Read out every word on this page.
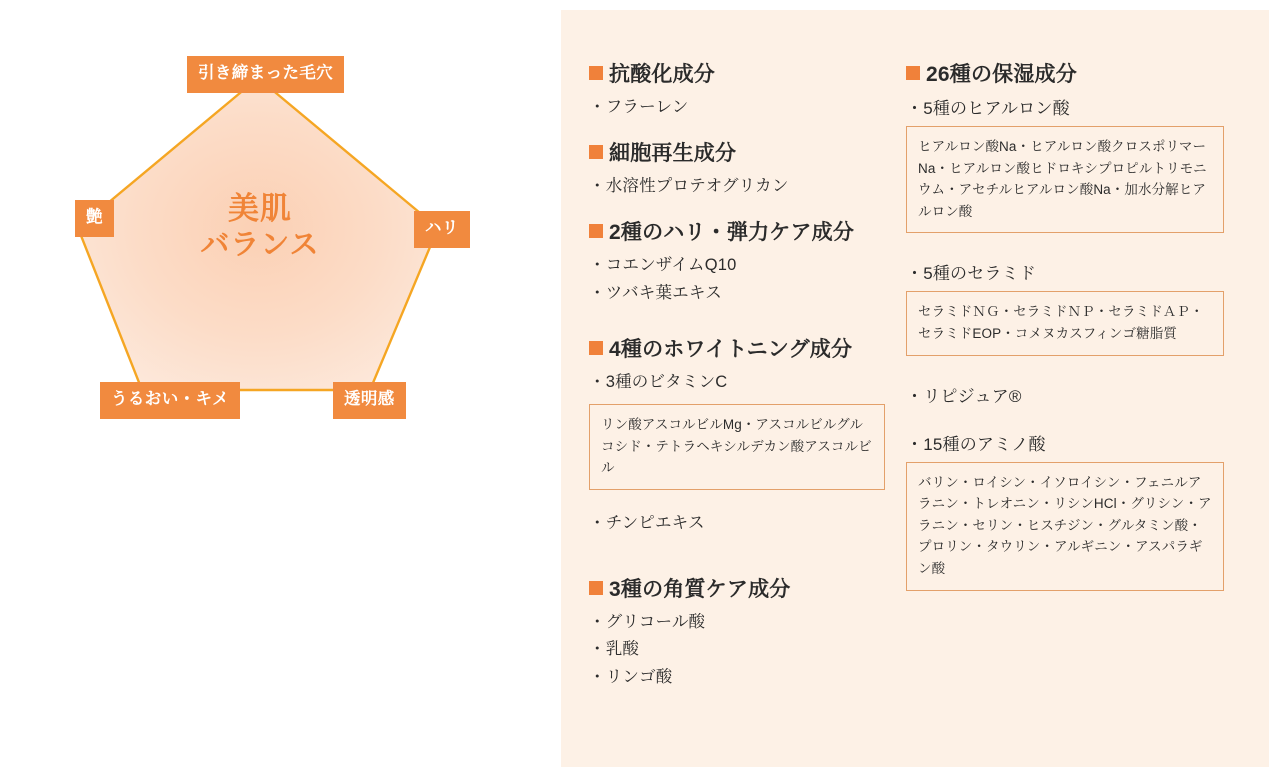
美肌
バランス
引き締まった毛穴
ハリ
透明感
うるおい・キメ
艶
抗酸化成分

・フラーレン

細胞再生成分

・水溶性プロテオグリカン

2種のハリ・弾力ケア成分

・コエンザイムQ10

・ツバキ葉エキス

4種のホワイトニング成分

・3種のビタミンC

リン酸アスコルビルMg・アスコルビルグルコシド・テトラヘキシルデカン酸アスコルビル

・チンピエキス

3種の角質ケア成分

・グリコール酸

・乳酸

・リンゴ酸

26種の保湿成分

・5種のヒアルロン酸

ヒアルロン酸Na・ヒアルロン酸クロスポリマーNa・ヒアルロン酸ヒドロキシプロピルトリモニウム・アセチルヒアルロン酸Na・加水分解ヒアルロン酸

・5種のセラミド

セラミドＮＧ・セラミドＮＰ・セラミドＡＰ・セラミドEOP・コメヌカスフィンゴ糖脂質

・リピジュア®

・15種のアミノ酸

バリン・ロイシン・イソロイシン・フェニルアラニン・トレオニン・リシンHCl・グリシン・アラニン・セリン・ヒスチジン・グルタミン酸・プロリン・タウリン・アルギニン・アスパラギン酸
